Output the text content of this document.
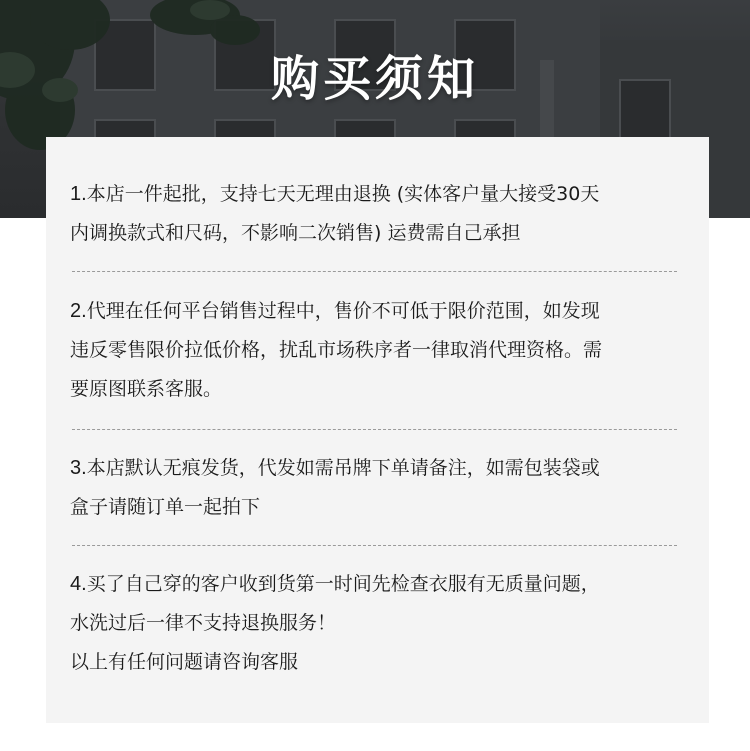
购买须知

1.本店一件起批，支持七天无理由退换 (实体客户量大接受30天

内调换款式和尺码，不影响二次销售) 运费需自己承担

2.代理在任何平台销售过程中，售价不可低于限价范围，如发现

违反零售限价拉低价格，扰乱市场秩序者一律取消代理资格。需

要原图联系客服。

3.本店默认无痕发货，代发如需吊牌下单请备注，如需包装袋或

盒子请随订单一起拍下

4.买了自己穿的客户收到货第一时间先检查衣服有无质量问题，

水洗过后一律不支持退换服务！

以上有任何问题请咨询客服
